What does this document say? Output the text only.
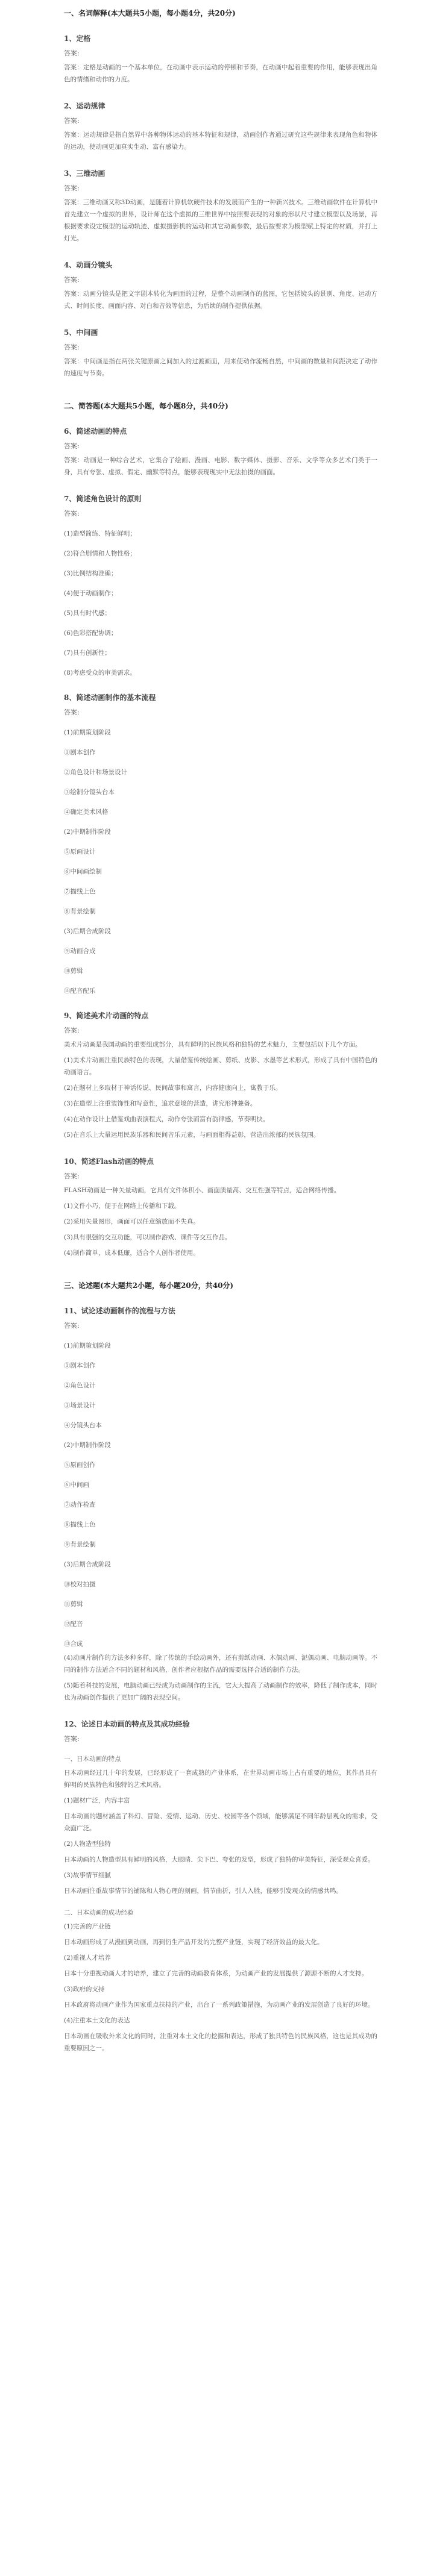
一、名词解释(本大题共5小题，每小题4分，共20分)
1、定格
答案:
答案：定格是动画的一个基本单位，在动画中表示运动的停顿和节奏，在动画中起着重要的作用，能够表现出角色的情绪和动作的力度。
2、运动规律
答案:
答案：运动规律是指自然界中各种物体运动的基本特征和规律，动画创作者通过研究这些规律来表现角色和物体的运动，使动画更加真实生动、富有感染力。
3、三维动画
答案:
答案：三维动画又称3D动画，是随着计算机软硬件技术的发展而产生的一种新兴技术。三维动画软件在计算机中首先建立一个虚拟的世界，设计师在这个虚拟的三维世界中按照要表现的对象的形状尺寸建立模型以及场景，再根据要求设定模型的运动轨迹、虚拟摄影机的运动和其它动画参数，最后按要求为模型赋上特定的材质，并打上灯光。
4、动画分镜头
答案:
答案：动画分镜头是把文字剧本转化为画面的过程，是整个动画制作的蓝图，它包括镜头的景别、角度、运动方式、时间长度、画面内容、对白和音效等信息，为后续的制作提供依据。
5、中间画
答案:
答案：中间画是指在两张关键原画之间加入的过渡画面，用来使动作流畅自然，中间画的数量和间距决定了动作的速度与节奏。
二、简答题(本大题共5小题，每小题8分，共40分)
6、简述动画的特点
答案:
答案：动画是一种综合艺术，它集合了绘画、漫画、电影、数字媒体、摄影、音乐、文学等众多艺术门类于一身，具有夸张、虚拟、假定、幽默等特点，能够表现现实中无法拍摄的画面。
7、简述角色设计的原则
答案:
(1)造型简练、特征鲜明；
(2)符合剧情和人物性格；
(3)比例结构准确；
(4)便于动画制作；
(5)具有时代感；
(6)色彩搭配协调；
(7)具有创新性；
(8)考虑受众的审美需求。
8、简述动画制作的基本流程
答案:
(1)前期策划阶段
①剧本创作
②角色设计和场景设计
③绘制分镜头台本
④确定美术风格
(2)中期制作阶段
⑤原画设计
⑥中间画绘制
⑦描线上色
⑧背景绘制
(3)后期合成阶段
⑨动画合成
⑩剪辑
⑪配音配乐
9、简述美术片动画的特点
答案:
美术片动画是我国动画的重要组成部分，具有鲜明的民族风格和独特的艺术魅力，主要包括以下几个方面。
(1)美术片动画注重民族特色的表现，大量借鉴传统绘画、剪纸、皮影、水墨等艺术形式，形成了具有中国特色的动画语言。
(2)在题材上多取材于神话传说、民间故事和寓言，内容健康向上，寓教于乐。
(3)在造型上注重装饰性和写意性，追求意境的营造，讲究形神兼备。
(4)在动作设计上借鉴戏曲表演程式，动作夸张而富有韵律感，节奏明快。
(5)在音乐上大量运用民族乐器和民间音乐元素，与画面相得益彰，营造出浓郁的民族氛围。
10、简述Flash动画的特点
答案:
FLASH动画是一种矢量动画，它具有文件体积小、画面质量高、交互性强等特点，适合网络传播。
(1)文件小巧，便于在网络上传播和下载。
(2)采用矢量图形，画面可以任意缩放而不失真。
(3)具有很强的交互功能，可以制作游戏、课件等交互作品。
(4)制作简单，成本低廉，适合个人创作者使用。
三、论述题(本大题共2小题，每小题20分，共40分)
11、试论述动画制作的流程与方法
答案:
(1)前期策划阶段
①剧本创作
②角色设计
③场景设计
④分镜头台本
(2)中期制作阶段
⑤原画创作
⑥中间画
⑦动作检查
⑧描线上色
⑨背景绘制
(3)后期合成阶段
⑩校对拍摄
⑪剪辑
⑫配音
⑬合成
(4)动画片制作的方法多种多样，除了传统的手绘动画外，还有剪纸动画、木偶动画、泥偶动画、电脑动画等。不同的制作方法适合不同的题材和风格，创作者应根据作品的需要选择合适的制作方法。
(5)随着科技的发展，电脑动画已经成为动画制作的主流，它大大提高了动画制作的效率，降低了制作成本，同时也为动画创作提供了更加广阔的表现空间。
12、论述日本动画的特点及其成功经验
答案:
一、日本动画的特点
日本动画经过几十年的发展，已经形成了一套成熟的产业体系，在世界动画市场上占有重要的地位，其作品具有鲜明的民族特色和独特的艺术风格。
(1)题材广泛，内容丰富
日本动画的题材涵盖了科幻、冒险、爱情、运动、历史、校园等各个领域，能够满足不同年龄层观众的需求，受众面广泛。
(2)人物造型独特
日本动画的人物造型具有鲜明的风格，大眼睛、尖下巴、夸张的发型，形成了独特的审美特征，深受观众喜爱。
(3)故事情节细腻
日本动画注重故事情节的铺陈和人物心理的刻画，情节曲折，引人入胜，能够引发观众的情感共鸣。
二、日本动画的成功经验
(1)完善的产业链
日本动画形成了从漫画到动画，再到衍生产品开发的完整产业链，实现了经济效益的最大化。
(2)重视人才培养
日本十分重视动画人才的培养，建立了完善的动画教育体系，为动画产业的发展提供了源源不断的人才支持。
(3)政府的支持
日本政府将动画产业作为国家重点扶持的产业，出台了一系列政策措施，为动画产业的发展创造了良好的环境。
(4)注重本土文化的表达
日本动画在吸收外来文化的同时，注重对本土文化的挖掘和表达，形成了独具特色的民族风格，这也是其成功的重要原因之一。
